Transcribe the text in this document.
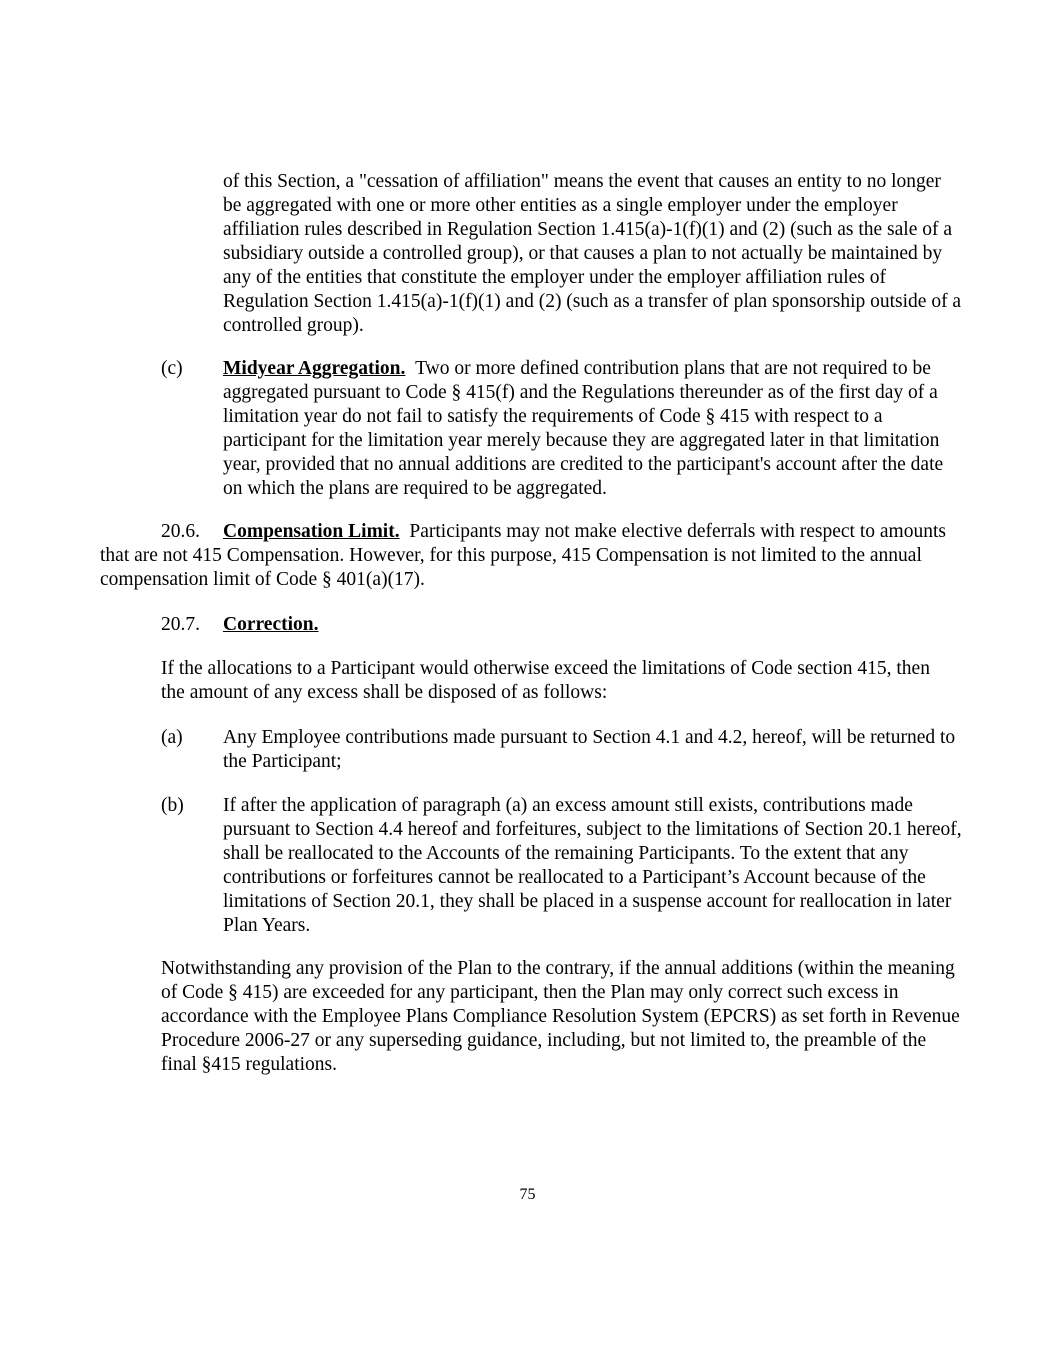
of this Section, a "cessation of affiliation" means the event that causes an entity to no longer be aggregated with one or more other entities as a single employer under the employer affiliation rules described in Regulation Section 1.415(a)-1(f)(1) and (2) (such as the sale of a subsidiary outside a controlled group), or that causes a plan to not actually be maintained by any of the entities that constitute the employer under the employer affiliation rules of Regulation Section 1.415(a)-1(f)(1) and (2) (such as a transfer of plan sponsorship outside of a controlled group).

(c) Midyear Aggregation. Two or more defined contribution plans that are not required to be aggregated pursuant to Code § 415(f) and the Regulations thereunder as of the first day of a limitation year do not fail to satisfy the requirements of Code § 415 with respect to a participant for the limitation year merely because they are aggregated later in that limitation year, provided that no annual additions are credited to the participant's account after the date on which the plans are required to be aggregated.

20.6. Compensation Limit. Participants may not make elective deferrals with respect to amounts that are not 415 Compensation. However, for this purpose, 415 Compensation is not limited to the annual compensation limit of Code § 401(a)(17).

20.7. Correction.

If the allocations to a Participant would otherwise exceed the limitations of Code section 415, then the amount of any excess shall be disposed of as follows:

(a) Any Employee contributions made pursuant to Section 4.1 and 4.2, hereof, will be returned to the Participant;

(b) If after the application of paragraph (a) an excess amount still exists, contributions made pursuant to Section 4.4 hereof and forfeitures, subject to the limitations of Section 20.1 hereof, shall be reallocated to the Accounts of the remaining Participants. To the extent that any contributions or forfeitures cannot be reallocated to a Participant’s Account because of the limitations of Section 20.1, they shall be placed in a suspense account for reallocation in later Plan Years.

Notwithstanding any provision of the Plan to the contrary, if the annual additions (within the meaning of Code § 415) are exceeded for any participant, then the Plan may only correct such excess in accordance with the Employee Plans Compliance Resolution System (EPCRS) as set forth in Revenue Procedure 2006-27 or any superseding guidance, including, but not limited to, the preamble of the final §415 regulations.

75
